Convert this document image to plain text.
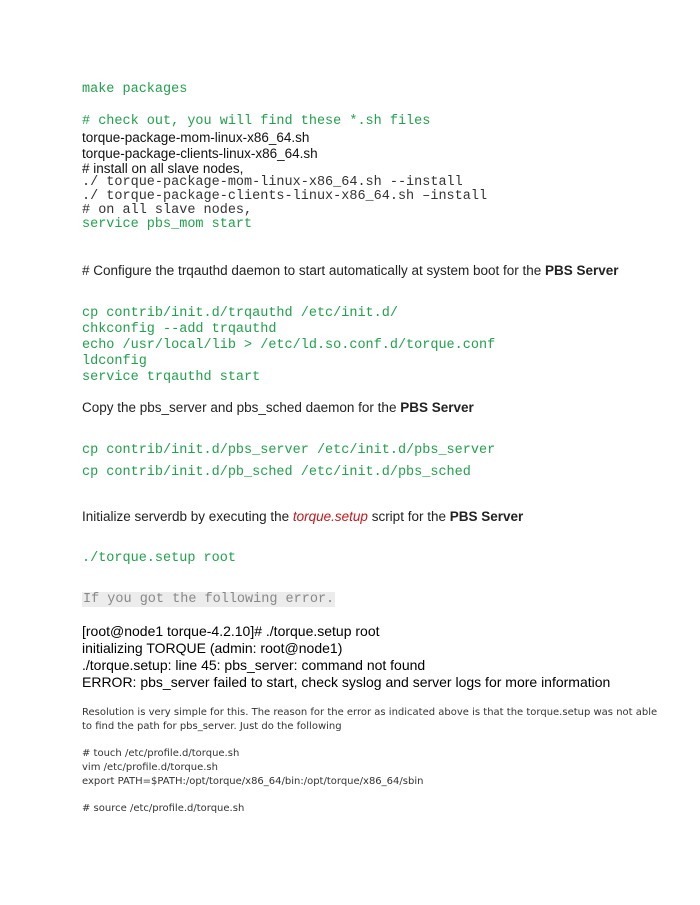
make packages
# check out, you will find these *.sh files
torque-package-mom-linux-x86_64.sh
torque-package-clients-linux-x86_64.sh
# install on all slave nodes,
./ torque-package-mom-linux-x86_64.sh --install
./ torque-package-clients-linux-x86_64.sh –install
# on all slave nodes,
service pbs_mom start
# Configure the trqauthd daemon to start automatically at system boot for the PBS Server
cp contrib/init.d/trqauthd /etc/init.d/
chkconfig --add trqauthd
echo /usr/local/lib > /etc/ld.so.conf.d/torque.conf
ldconfig
service trqauthd start
Copy the pbs_server and pbs_sched daemon for the PBS Server
cp contrib/init.d/pbs_server /etc/init.d/pbs_server
cp contrib/init.d/pb_sched /etc/init.d/pbs_sched
Initialize serverdb by executing the torque.setup script for the PBS Server
./torque.setup root
If you got the following error.
[root@node1 torque-4.2.10]# ./torque.setup root
initializing TORQUE (admin: root@node1)
./torque.setup: line 45: pbs_server: command not found
ERROR: pbs_server failed to start, check syslog and server logs for more information
Resolution is very simple for this. The reason for the error as indicated above is that the torque.setup was not able
to find the path for pbs_server. Just do the following
# touch /etc/profile.d/torque.sh
vim /etc/profile.d/torque.sh
export PATH=$PATH:/opt/torque/x86_64/bin:/opt/torque/x86_64/sbin
# source /etc/profile.d/torque.sh
